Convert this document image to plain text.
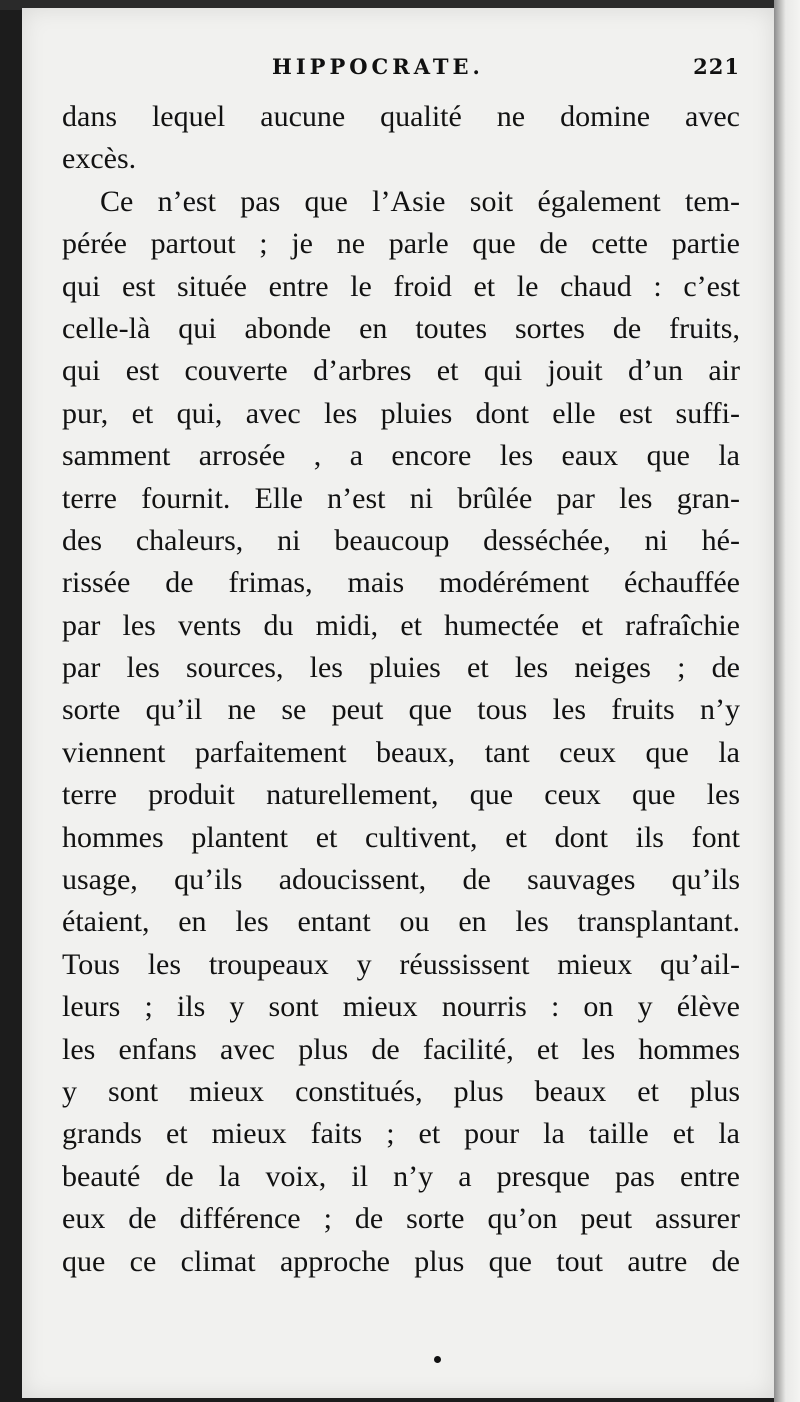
HIPPOCRATE.	221
dans lequel aucune qualité ne domine avec
excès.
Ce n’est pas que l’Asie soit également tem-
pérée partout ; je ne parle que de cette partie
qui est située entre le froid et le chaud : c’est
celle-là qui abonde en toutes sortes de fruits,
qui est couverte d’arbres et qui jouit d’un air
pur, et qui, avec les pluies dont elle est suffi-
samment arrosée , a encore les eaux que la
terre fournit. Elle n’est ni brûlée par les gran-
des chaleurs, ni beaucoup desséchée, ni hé-
rissée de frimas, mais modérément échauffée
par les vents du midi, et humectée et rafraîchie
par les sources, les pluies et les neiges ; de
sorte qu’il ne se peut que tous les fruits n’y
viennent parfaitement beaux, tant ceux que la
terre produit naturellement, que ceux que les
hommes plantent et cultivent, et dont ils font
usage, qu’ils adoucissent, de sauvages qu’ils
étaient, en les entant ou en les transplantant.
Tous les troupeaux y réussissent mieux qu’ail-
leurs ; ils y sont mieux nourris : on y élève
les enfans avec plus de facilité, et les hommes
y sont mieux constitués, plus beaux et plus
grands et mieux faits ; et pour la taille et la
beauté de la voix, il n’y a presque pas entre
eux de différence ; de sorte qu’on peut assurer
que ce climat approche plus que tout autre de
